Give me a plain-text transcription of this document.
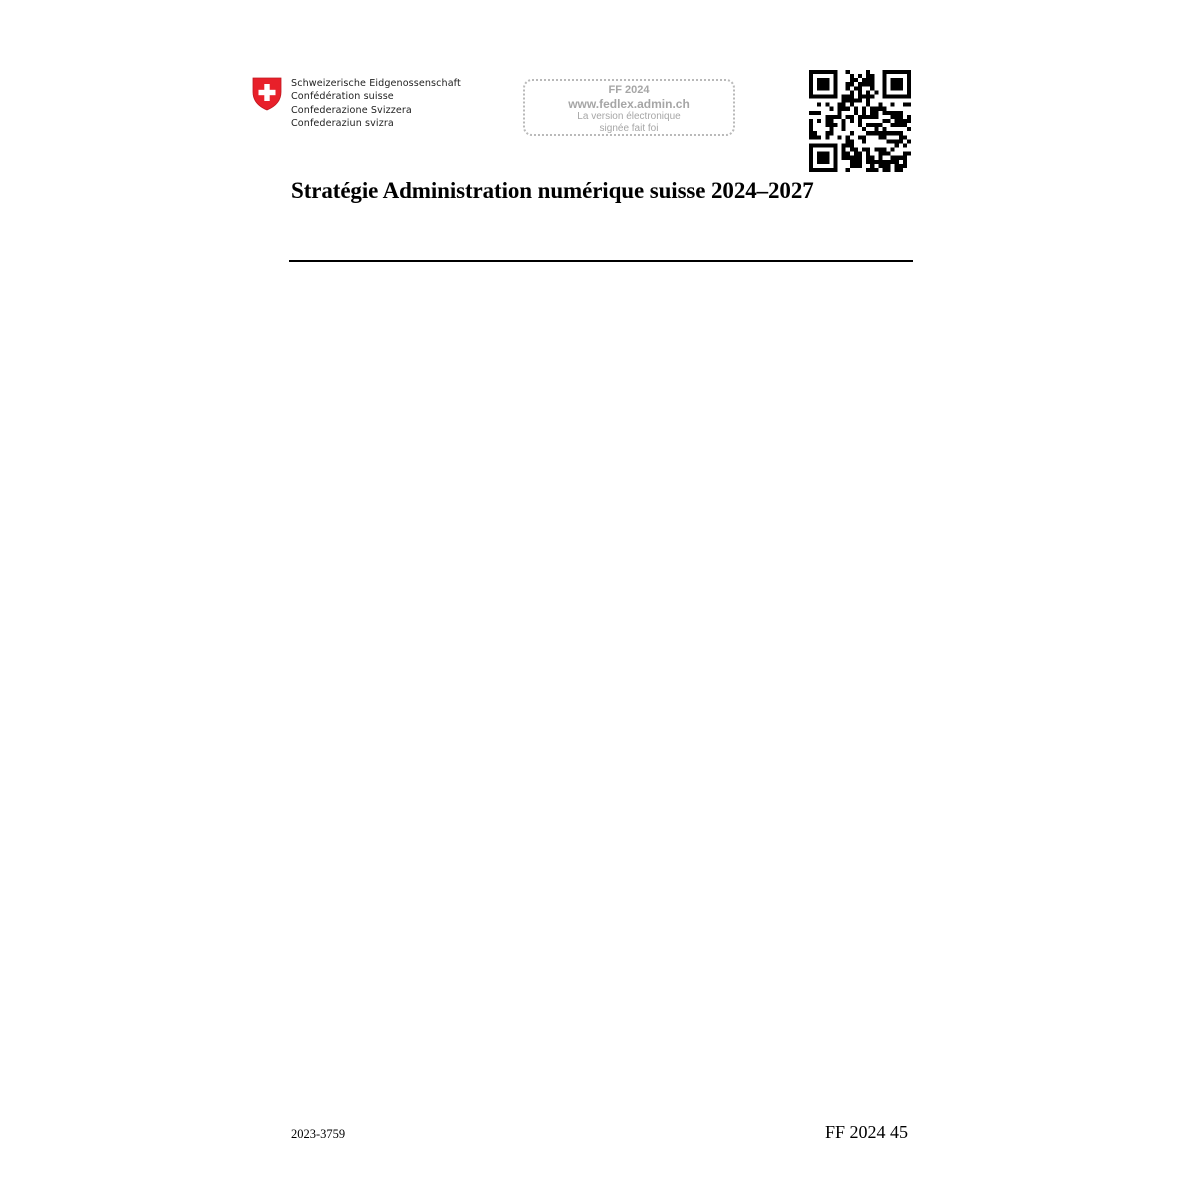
Schweizerische Eidgenossenschaft
Confédération suisse
Confederazione Svizzera
Confederaziun svizra
FF 2024
www.fedlex.admin.ch
La version électronique
signée fait foi
Stratégie Administration numérique suisse 2024–2027
2023-3759	FF 2024 45
